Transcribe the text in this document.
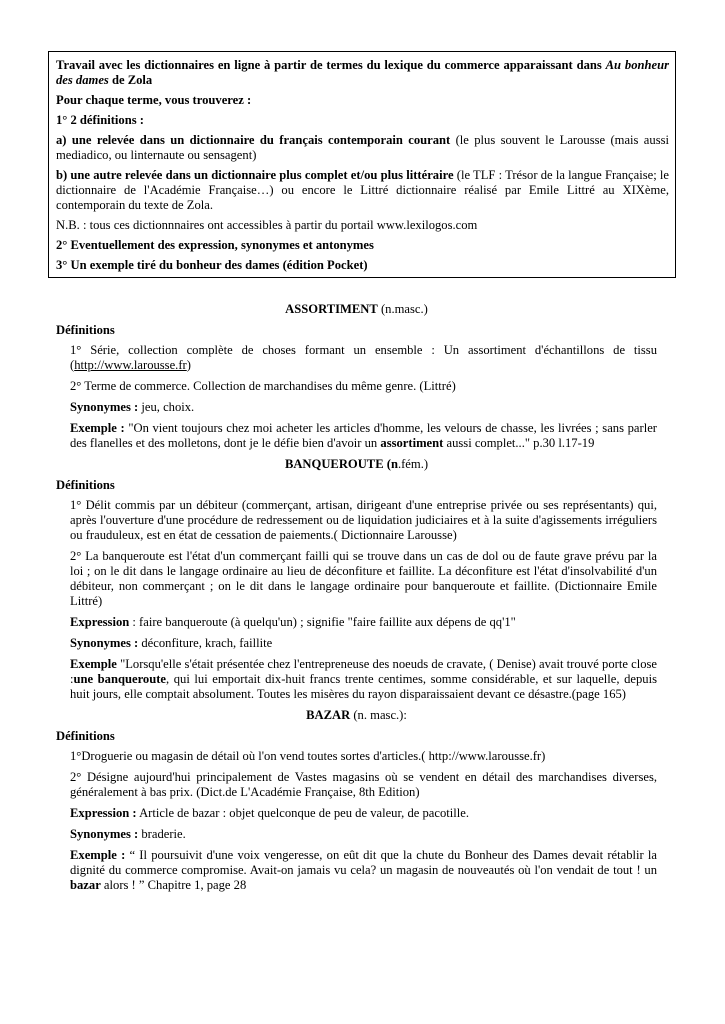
Travail avec les dictionnaires en ligne à partir de termes du lexique du commerce apparaissant dans Au bonheur des dames de Zola

Pour chaque terme, vous trouverez :

1° 2 définitions :

a) une relevée dans un dictionnaire du français contemporain courant (le plus souvent le Larousse (mais aussi mediadico, ou linternaute ou sensagent)

b) une autre relevée dans un dictionnaire plus complet et/ou plus littéraire (le TLF : Trésor de la langue Française; le dictionnaire de l'Académie Française…) ou encore le Littré dictionnaire réalisé par Emile Littré au XIXème, contemporain du texte de Zola.

N.B. : tous ces dictionnnaires ont accessibles à partir du portail www.lexilogos.com

2° Eventuellement des expression, synonymes et antonymes

3° Un exemple tiré du bonheur des dames (édition Pocket)

ASSORTIMENT (n.masc.)

Définitions

1° Série, collection complète de choses formant un ensemble : Un assortiment d'échantillons de tissu (http://www.larousse.fr)

2° Terme de commerce. Collection de marchandises du même genre. (Littré)

Synonymes : jeu, choix.

Exemple : "On vient toujours chez moi acheter les articles d'homme, les velours de chasse, les livrées ; sans parler des flanelles et des molletons, dont je le défie bien d'avoir un assortiment aussi complet..." p.30 l.17-19

BANQUEROUTE (n.fém.)

Définitions

1° Délit commis par un débiteur (commerçant, artisan, dirigeant d'une entreprise privée ou ses représentants) qui, après l'ouverture d'une procédure de redressement ou de liquidation judiciaires et à la suite d'agissements irréguliers ou frauduleux, est en état de cessation de paiements.( Dictionnaire Larousse)

2° La banqueroute est l'état d'un commerçant failli qui se trouve dans un cas de dol ou de faute grave prévu par la loi ; on le dit dans le langage ordinaire au lieu de déconfiture et faillite. La déconfiture est l'état d'insolvabilité d'un débiteur, non commerçant ; on le dit dans le langage ordinaire pour banqueroute et faillite. (Dictionnaire Emile Littré)

Expression : faire banqueroute (à quelqu'un) ; signifie "faire faillite aux dépens de qq'1"

Synonymes : déconfiture, krach, faillite

Exemple "Lorsqu'elle s'était présentée chez l'entrepreneuse des noeuds de cravate, ( Denise) avait trouvé porte close :une banqueroute, qui lui emportait dix-huit francs trente centimes, somme considérable, et sur laquelle, depuis huit jours, elle comptait absolument. Toutes les misères du rayon disparaissaient devant ce désastre.(page 165)

BAZAR (n. masc.):

Définitions

1°Droguerie ou magasin de détail où l'on vend toutes sortes d'articles.( http://www.larousse.fr)

2° Désigne aujourd'hui principalement de Vastes magasins où se vendent en détail des marchandises diverses, généralement à bas prix. (Dict.de L'Académie Française, 8th Edition)

Expression : Article de bazar : objet quelconque de peu de valeur, de pacotille.

Synonymes : braderie.

Exemple : “ Il poursuivit d'une voix vengeresse, on eût dit que la chute du Bonheur des Dames devait rétablir la dignité du commerce compromise. Avait-on jamais vu cela? un magasin de nouveautés où l'on vendait de tout ! un bazar alors ! ” Chapitre 1, page 28
